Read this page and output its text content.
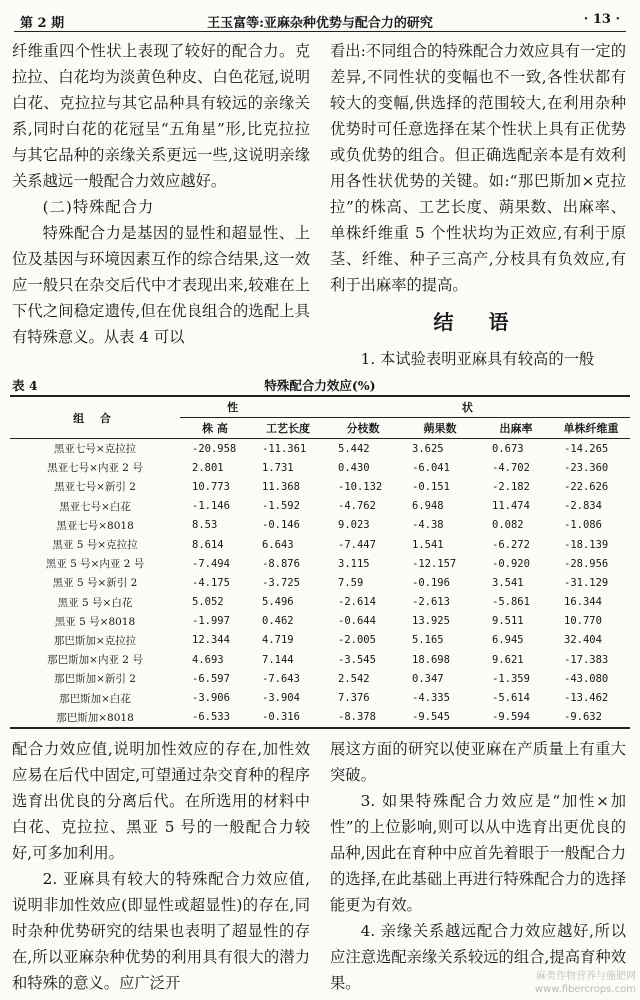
第 2 期	王玉富等:亚麻杂种优势与配合力的研究	· 13 ·

纤维重四个性状上表现了较好的配合力。克拉拉、白花均为淡黄色种皮、白色花冠,说明白花、克拉拉与其它品种具有较远的亲缘关系,同时白花的花冠呈“五角星”形,比克拉拉与其它品种的亲缘关系更远一些,这说明亲缘关系越远一般配合力效应越好。

(二)特殊配合力

特殊配合力是基因的显性和超显性、上位及基因与环境因素互作的综合结果,这一效应一般只在杂交后代中才表现出来,较难在上下代之间稳定遗传,但在优良组合的选配上具有特殊意义。从表 4 可以

看出:不同组合的特殊配合力效应具有一定的差异,不同性状的变幅也不一致,各性状都有较大的变幅,供选择的范围较大,在利用杂种优势时可任意选择在某个性状上具有正优势或负优势的组合。但正确选配亲本是有效利用各性状优势的关键。如:“那巴斯加×克拉拉”的株高、工艺长度、蒴果数、出麻率、单株纤维重 5 个性状均为正效应,有利于原茎、纤维、种子三高产,分枝具有负效应,有利于出麻率的提高。

结 语

1. 本试验表明亚麻具有较高的一般

表 4	特殊配合力效应(%)
组 合	性 状					
	株 高	工艺长度	分枝数	蒴果数	出麻率	单株纤维重
黑亚七号×克拉拉	-20.958	-11.361	5.442	3.625	0.673	-14.265
黑亚七号×内亚 2 号	2.801	1.731	0.430	-6.041	-4.702	-23.360
黑亚七号×新引 2	10.773	11.368	-10.132	-0.151	-2.182	-22.626
黑亚七号×白花	-1.146	-1.592	-4.762	6.948	11.474	-2.834
黑亚七号×8018	8.53	-0.146	9.023	-4.38	0.082	-1.086
黑亚 5 号×克拉拉	8.614	6.643	-7.447	1.541	-6.272	-18.139
黑亚 5 号×内亚 2 号	-7.494	-8.876	3.115	-12.157	-0.920	-28.956
黑亚 5 号×新引 2	-4.175	-3.725	7.59	-0.196	3.541	-31.129
黑亚 5 号×白花	5.052	5.496	-2.614	-2.613	-5.861	16.344
黑亚 5 号×8018	-1.997	0.462	-0.644	13.925	9.511	10.770
那巴斯加×克拉拉	12.344	4.719	-2.005	5.165	6.945	32.404
那巴斯加×内亚 2 号	4.693	7.144	-3.545	18.698	9.621	-17.383
那巴斯加×新引 2	-6.597	-7.643	2.542	0.347	-1.359	-43.080
那巴斯加×白花	-3.906	-3.904	7.376	-4.335	-5.614	-13.462
那巴斯加×8018	-6.533	-0.316	-8.378	-9.545	-9.594	-9.632

配合力效应值,说明加性效应的存在,加性效应易在后代中固定,可望通过杂交育种的程序选育出优良的分离后代。在所选用的材料中白花、克拉拉、黑亚 5 号的一般配合力较好,可多加利用。

2. 亚麻具有较大的特殊配合力效应值,说明非加性效应(即显性或超显性)的存在,同时杂种优势研究的结果也表明了超显性的存在,所以亚麻杂种优势的利用具有很大的潜力和特殊的意义。应广泛开

展这方面的研究以使亚麻在产质量上有重大突破。

3. 如果特殊配合力效应是“加性×加性”的上位影响,则可以从中选育出更优良的品种,因此在育种中应首先着眼于一般配合力的选择,在此基础上再进行特殊配合力的选择能更为有效。

4. 亲缘关系越远配合力效应越好,所以应注意选配亲缘关系较远的组合,提高育种效果。	麻类作物营养与施肥网
www.fibercrops.com
